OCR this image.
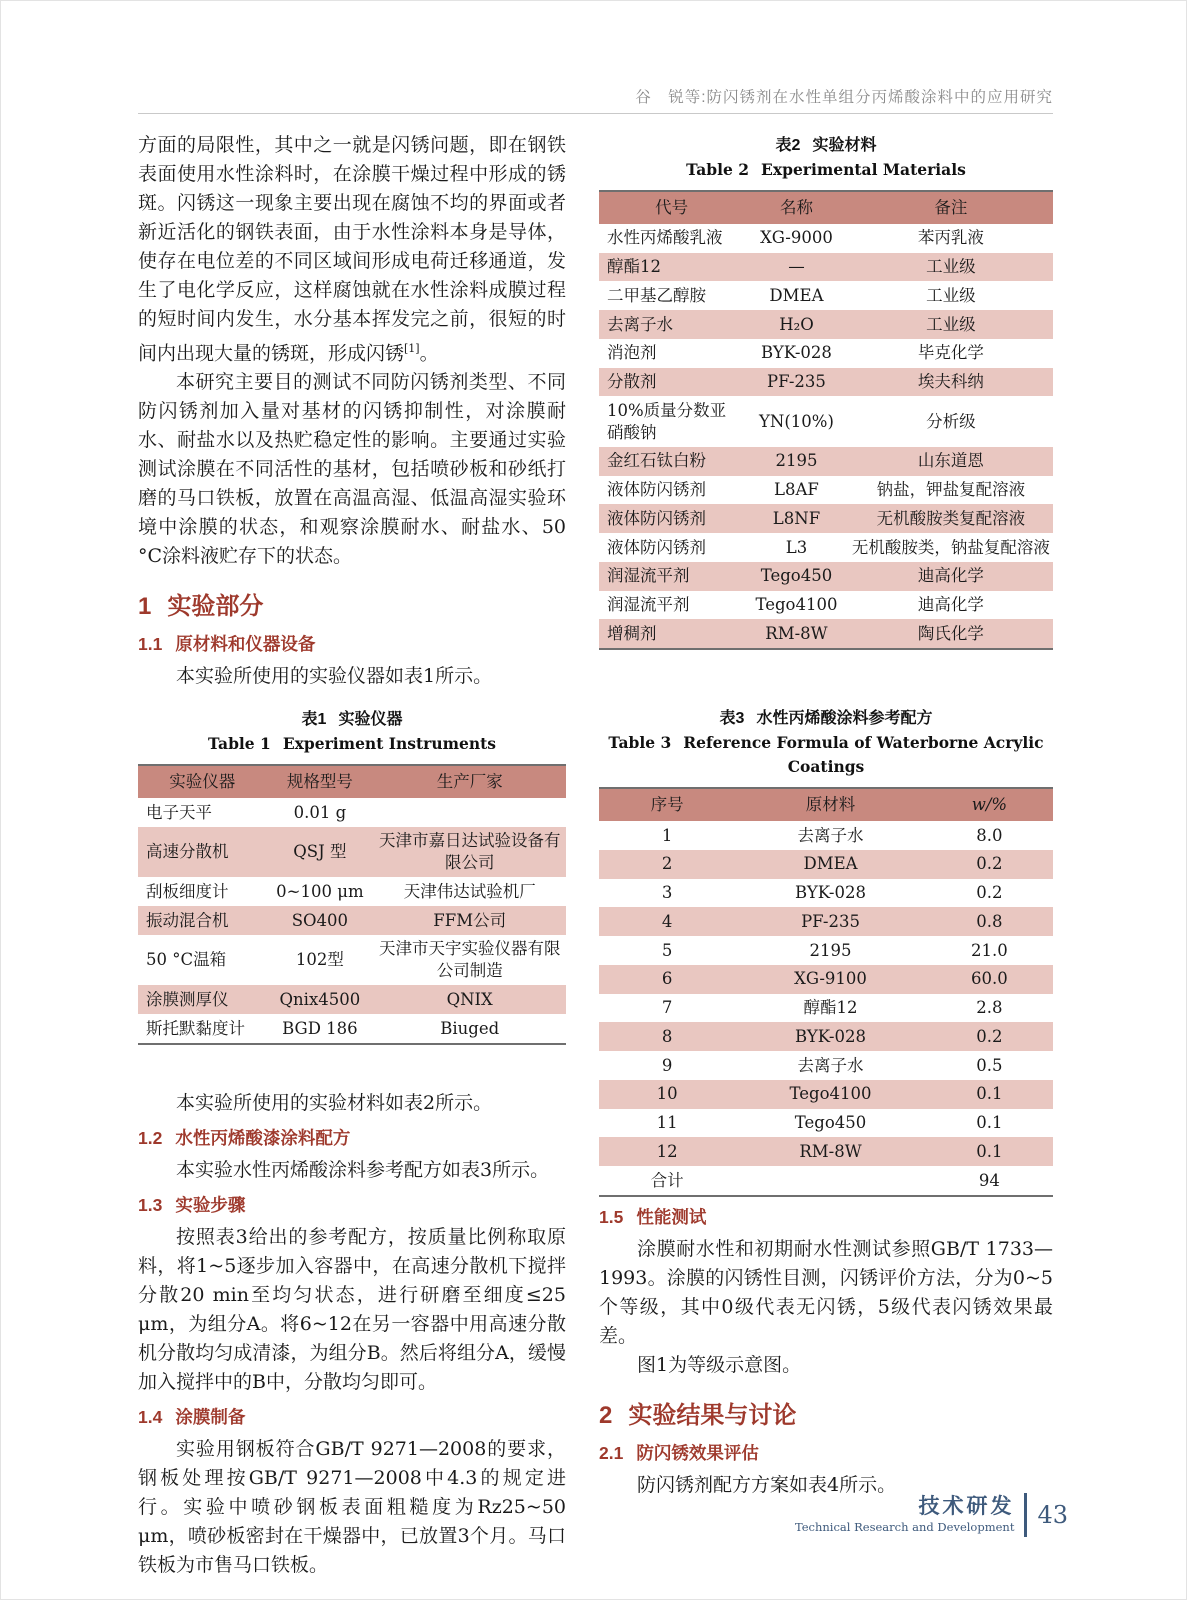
谷　锐等:防闪锈剂在水性单组分丙烯酸涂料中的应用研究

方面的局限性，其中之一就是闪锈问题，即在钢铁表面使用水性涂料时，在涂膜干燥过程中形成的锈斑。闪锈这一现象主要出现在腐蚀不均的界面或者新近活化的钢铁表面，由于水性涂料本身是导体，使存在电位差的不同区域间形成电荷迁移通道，发生了电化学反应，这样腐蚀就在水性涂料成膜过程的短时间内发生，水分基本挥发完之前，很短的时间内出现大量的锈斑，形成闪锈[1]。

本研究主要目的测试不同防闪锈剂类型、不同防闪锈剂加入量对基材的闪锈抑制性，对涂膜耐水、耐盐水以及热贮稳定性的影响。主要通过实验测试涂膜在不同活性的基材，包括喷砂板和砂纸打磨的马口铁板，放置在高温高湿、低温高湿实验环境中涂膜的状态，和观察涂膜耐水、耐盐水、50 °C涂料液贮存下的状态。

1 实验部分
1.1 原材料和仪器设备

本实验所使用的实验仪器如表1所示。

表1 实验仪器
Table 1 Experiment Instruments
实验仪器	规格型号	生产厂家
电子天平	0.01 g	
高速分散机	QSJ 型	天津市嘉日达试验设备有限公司
刮板细度计	0~100 μm	天津伟达试验机厂
振动混合机	SO400	FFM公司
50 °C温箱	102型	天津市天宇实验仪器有限公司制造
涂膜测厚仪	Qnix4500	QNIX
斯托默黏度计	BGD 186	Biuged

本实验所使用的实验材料如表2所示。

1.2 水性丙烯酸漆涂料配方

本实验水性丙烯酸涂料参考配方如表3所示。

1.3 实验步骤

按照表3给出的参考配方，按质量比例称取原料，将1~5逐步加入容器中，在高速分散机下搅拌分散20 min至均匀状态，进行研磨至细度≤25 μm，为组分A。将6~12在另一容器中用高速分散机分散均匀成清漆，为组分B。然后将组分A，缓慢加入搅拌中的B中，分散均匀即可。

1.4 涂膜制备

实验用钢板符合GB/T 9271—2008的要求，钢板处理按GB/T 9271—2008中4.3的规定进行。实验中喷砂钢板表面粗糙度为Rz25~50 μm，喷砂板密封在干燥器中，已放置3个月。马口铁板为市售马口铁板。

表2 实验材料
Table 2 Experimental Materials
代号	名称	备注
水性丙烯酸乳液	XG-9000	苯丙乳液
醇酯12	—	工业级
二甲基乙醇胺	DMEA	工业级
去离子水	H₂O	工业级
消泡剂	BYK-028	毕克化学
分散剂	PF-235	埃夫科纳
10%质量分数亚硝酸钠	YN(10%)	分析级
金红石钛白粉	2195	山东道恩
液体防闪锈剂	L8AF	钠盐，钾盐复配溶液
液体防闪锈剂	L8NF	无机酸胺类复配溶液
液体防闪锈剂	L3	无机酸胺类，钠盐复配溶液
润湿流平剂	Tego450	迪高化学
润湿流平剂	Tego4100	迪高化学
增稠剂	RM-8W	陶氏化学
表3 水性丙烯酸涂料参考配方
Table 3 Reference Formula of Waterborne Acrylic
Coatings
序号	原材料	w/%
1	去离子水	8.0
2	DMEA	0.2
3	BYK-028	0.2
4	PF-235	0.8
5	2195	21.0
6	XG-9100	60.0
7	醇酯12	2.8
8	BYK-028	0.2
9	去离子水	0.5
10	Tego4100	0.1
11	Tego450	0.1
12	RM-8W	0.1
合计		94
1.5 性能测试

涂膜耐水性和初期耐水性测试参照GB/T 1733—1993。涂膜的闪锈性目测，闪锈评价方法，分为0~5个等级，其中0级代表无闪锈，5级代表闪锈效果最差。

图1为等级示意图。

2 实验结果与讨论
2.1 防闪锈效果评估

防闪锈剂配方方案如表4所示。

技术研发
Technical Research and Development 43
